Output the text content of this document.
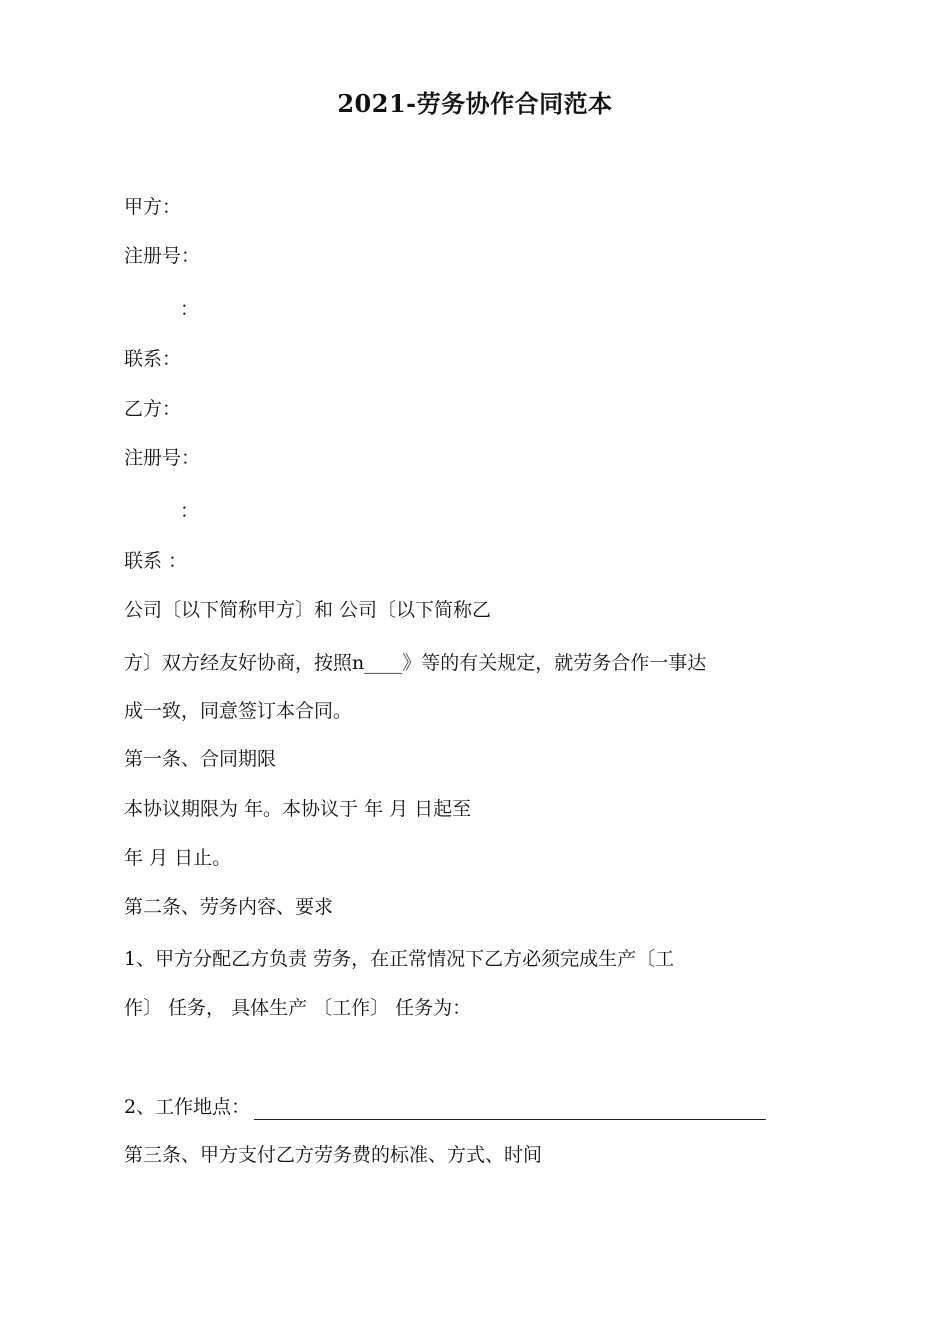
2021-劳务协作合同范本
甲方：
注册号：
：
联系：
乙方：
注册号：
：
联系 ：
公司〔以下简称甲方〕和 公司〔以下简称乙
方〕双方经友好协商，按照n____》等的有关规定，就劳务合作一事达
成一致，同意签订本合同。
第一条、合同期限
本协议期限为 年。本协议于 年 月 日起至
年 月 日止。
第二条、劳务内容、要求
1、甲方分配乙方负责 劳务，在正常情况下乙方必须完成生产〔工
作〕 任务， 具体生产 〔工作〕 任务为：
2、工作地点：
第三条、甲方支付乙方劳务费的标准、方式、时间
